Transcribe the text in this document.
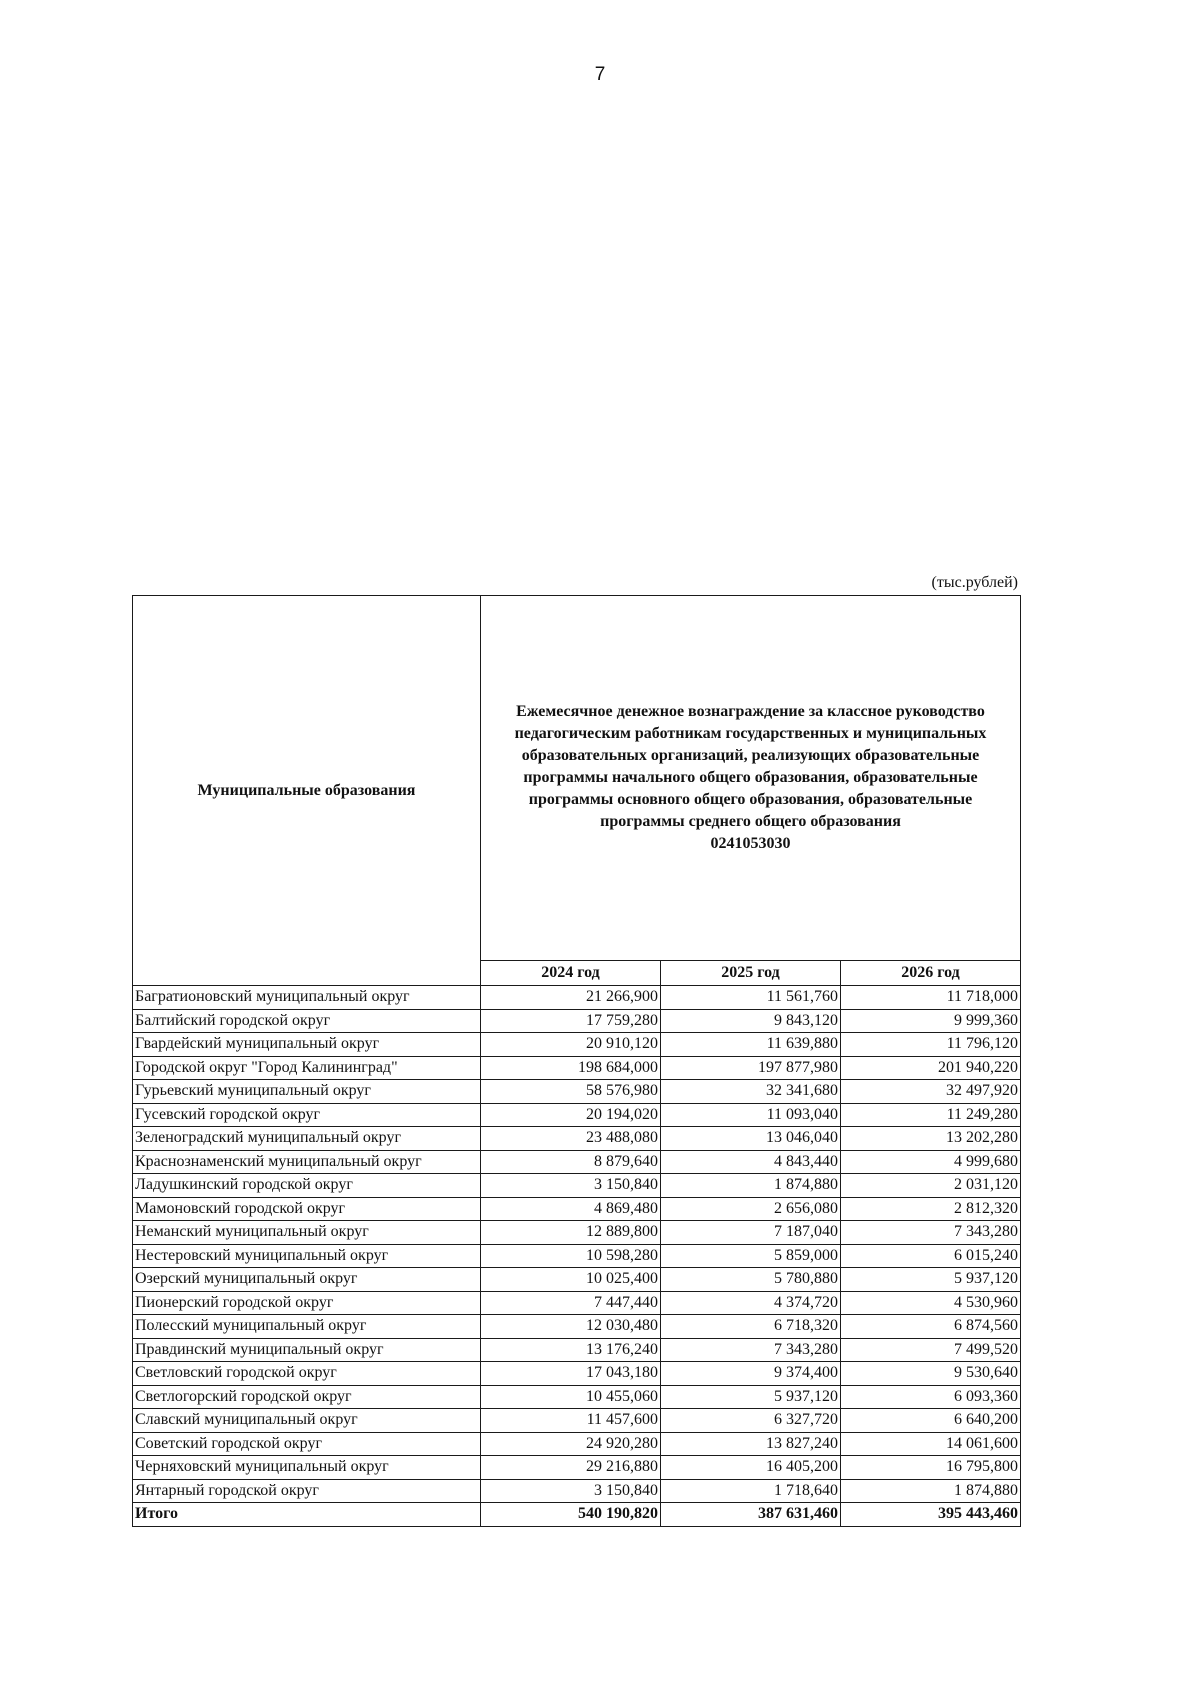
7
(тыс.рублей)
Муниципальные образования	Ежемесячное денежное вознаграждение за классное руководство педагогическим работникам государственных и муниципальных образовательных организаций, реализующих образовательные программы начального общего образования, образовательные программы основного общего образования, образовательные программы среднего общего образования
0241053030		

	2024 год	2025 год	2026 год
Багратионовский муниципальный округ	21 266,900	11 561,760	11 718,000
Балтийский городской округ	17 759,280	9 843,120	9 999,360
Гвардейский муниципальный округ	20 910,120	11 639,880	11 796,120
Городской округ "Город Калининград"	198 684,000	197 877,980	201 940,220
Гурьевский муниципальный округ	58 576,980	32 341,680	32 497,920
Гусевский городской округ	20 194,020	11 093,040	11 249,280
Зеленоградский муниципальный округ	23 488,080	13 046,040	13 202,280
Краснознаменский муниципальный округ	8 879,640	4 843,440	4 999,680
Ладушкинский городской округ	3 150,840	1 874,880	2 031,120
Мамоновский городской округ	4 869,480	2 656,080	2 812,320
Неманский муниципальный округ	12 889,800	7 187,040	7 343,280
Нестеровский муниципальный округ	10 598,280	5 859,000	6 015,240
Озерский муниципальный округ	10 025,400	5 780,880	5 937,120
Пионерский городской округ	7 447,440	4 374,720	4 530,960
Полесский муниципальный округ	12 030,480	6 718,320	6 874,560
Правдинский муниципальный округ	13 176,240	7 343,280	7 499,520
Светловский городской округ	17 043,180	9 374,400	9 530,640
Светлогорский городской округ	10 455,060	5 937,120	6 093,360
Славский муниципальный округ	11 457,600	6 327,720	6 640,200
Советский городской округ	24 920,280	13 827,240	14 061,600
Черняховский муниципальный округ	29 216,880	16 405,200	16 795,800
Янтарный городской округ	3 150,840	1 718,640	1 874,880
Итого	540 190,820	387 631,460	395 443,460
